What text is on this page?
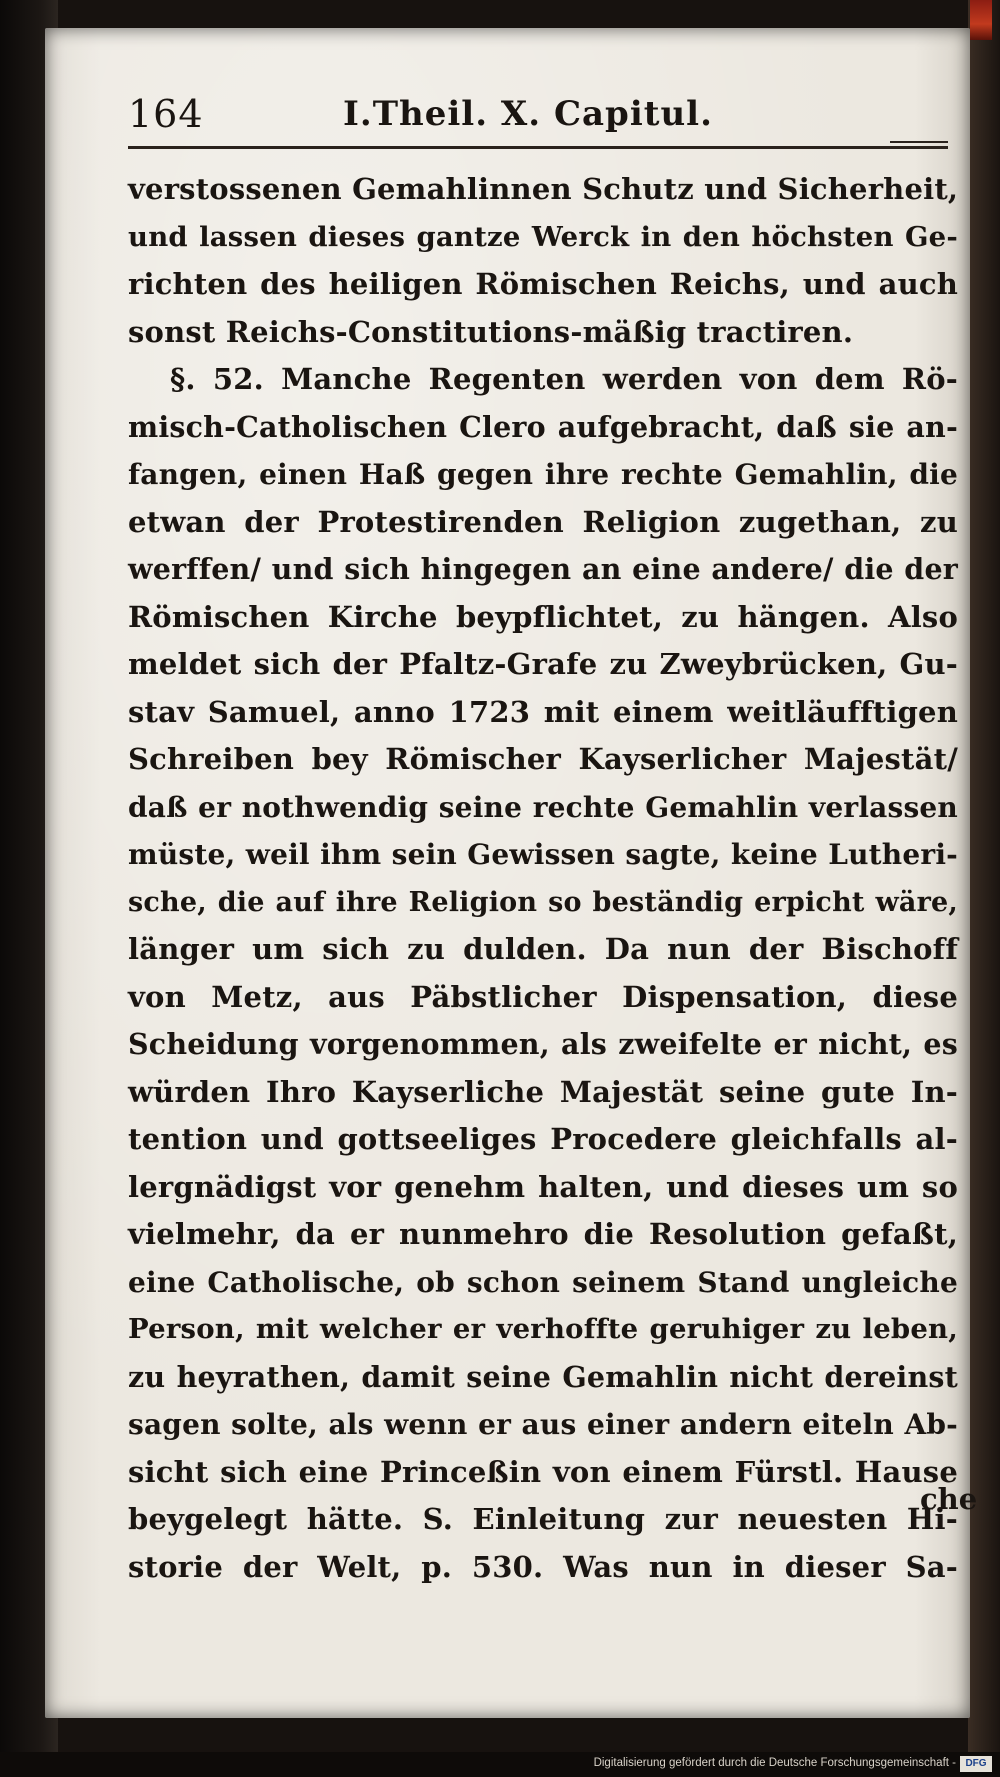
164	I.Theil. X. Capitul.
verstossenen Gemahlinnen Schutz und Sicherheit,
und lassen dieses gantze Werck in den höchsten Ge-
richten des heiligen Römischen Reichs, und auch
sonst Reichs-Constitutions-mäßig tractiren.
§. 52. Manche Regenten werden von dem Rö-
misch-Catholischen Clero aufgebracht, daß sie an-
fangen, einen Haß gegen ihre rechte Gemahlin, die
etwan der Protestirenden Religion zugethan, zu
werffen/ und sich hingegen an eine andere/ die der
Römischen Kirche beypflichtet, zu hängen. Also
meldet sich der Pfaltz-Grafe zu Zweybrücken, Gu-
stav Samuel, anno 1723 mit einem weitläufftigen
Schreiben bey Römischer Kayserlicher Majestät/
daß er nothwendig seine rechte Gemahlin verlassen
müste, weil ihm sein Gewissen sagte, keine Lutheri-
sche, die auf ihre Religion so beständig erpicht wäre,
länger um sich zu dulden. Da nun der Bischoff
von Metz, aus Päbstlicher Dispensation, diese
Scheidung vorgenommen, als zweifelte er nicht, es
würden Ihro Kayserliche Majestät seine gute In-
tention und gottseeliges Procedere gleichfalls al-
lergnädigst vor genehm halten, und dieses um so
vielmehr, da er nunmehro die Resolution gefaßt,
eine Catholische, ob schon seinem Stand ungleiche
Person, mit welcher er verhoffte geruhiger zu leben,
zu heyrathen, damit seine Gemahlin nicht dereinst
sagen solte, als wenn er aus einer andern eiteln Ab-
sicht sich eine Princeßin von einem Fürstl. Hause
beygelegt hätte. S. Einleitung zur neuesten Hi-
storie der Welt, p. 530. Was nun in dieser Sa-
che
Digitalisierung gefördert durch die Deutsche Forschungsgemeinschaft - DFG
